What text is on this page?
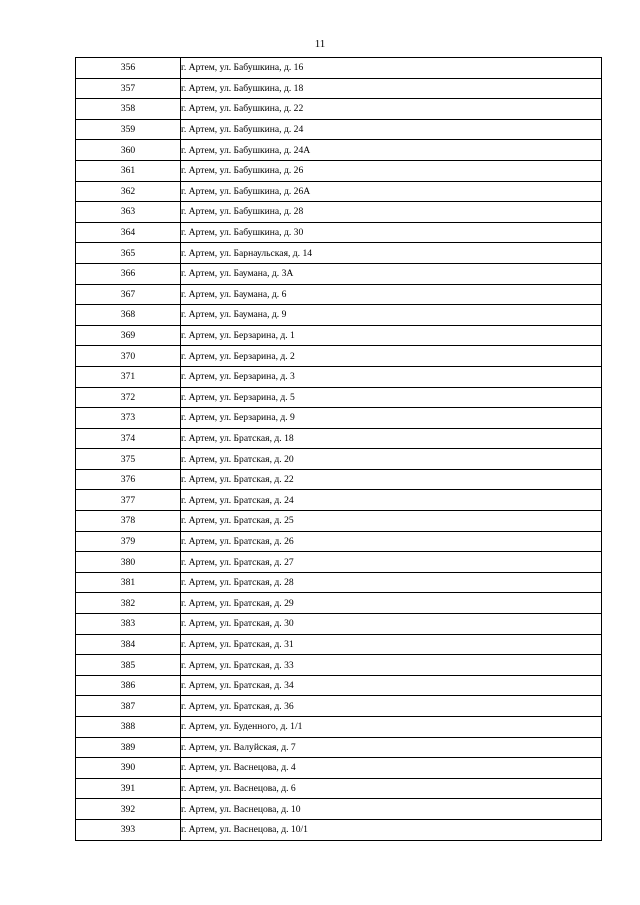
11
356	г. Артем, ул. Бабушкина, д. 16
357	г. Артем, ул. Бабушкина, д. 18
358	г. Артем, ул. Бабушкина, д. 22
359	г. Артем, ул. Бабушкина, д. 24
360	г. Артем, ул. Бабушкина, д. 24А
361	г. Артем, ул. Бабушкина, д. 26
362	г. Артем, ул. Бабушкина, д. 26А
363	г. Артем, ул. Бабушкина, д. 28
364	г. Артем, ул. Бабушкина, д. 30
365	г. Артем, ул. Барнаульская, д. 14
366	г. Артем, ул. Баумана, д. 3А
367	г. Артем, ул. Баумана, д. 6
368	г. Артем, ул. Баумана, д. 9
369	г. Артем, ул. Берзарина, д. 1
370	г. Артем, ул. Берзарина, д. 2
371	г. Артем, ул. Берзарина, д. 3
372	г. Артем, ул. Берзарина, д. 5
373	г. Артем, ул. Берзарина, д. 9
374	г. Артем, ул. Братская, д. 18
375	г. Артем, ул. Братская, д. 20
376	г. Артем, ул. Братская, д. 22
377	г. Артем, ул. Братская, д. 24
378	г. Артем, ул. Братская, д. 25
379	г. Артем, ул. Братская, д. 26
380	г. Артем, ул. Братская, д. 27
381	г. Артем, ул. Братская, д. 28
382	г. Артем, ул. Братская, д. 29
383	г. Артем, ул. Братская, д. 30
384	г. Артем, ул. Братская, д. 31
385	г. Артем, ул. Братская, д. 33
386	г. Артем, ул. Братская, д. 34
387	г. Артем, ул. Братская, д. 36
388	г. Артем, ул. Буденного, д. 1/1
389	г. Артем, ул. Валуйская, д. 7
390	г. Артем, ул. Васнецова, д. 4
391	г. Артем, ул. Васнецова, д. 6
392	г. Артем, ул. Васнецова, д. 10
393	г. Артем, ул. Васнецова, д. 10/1
